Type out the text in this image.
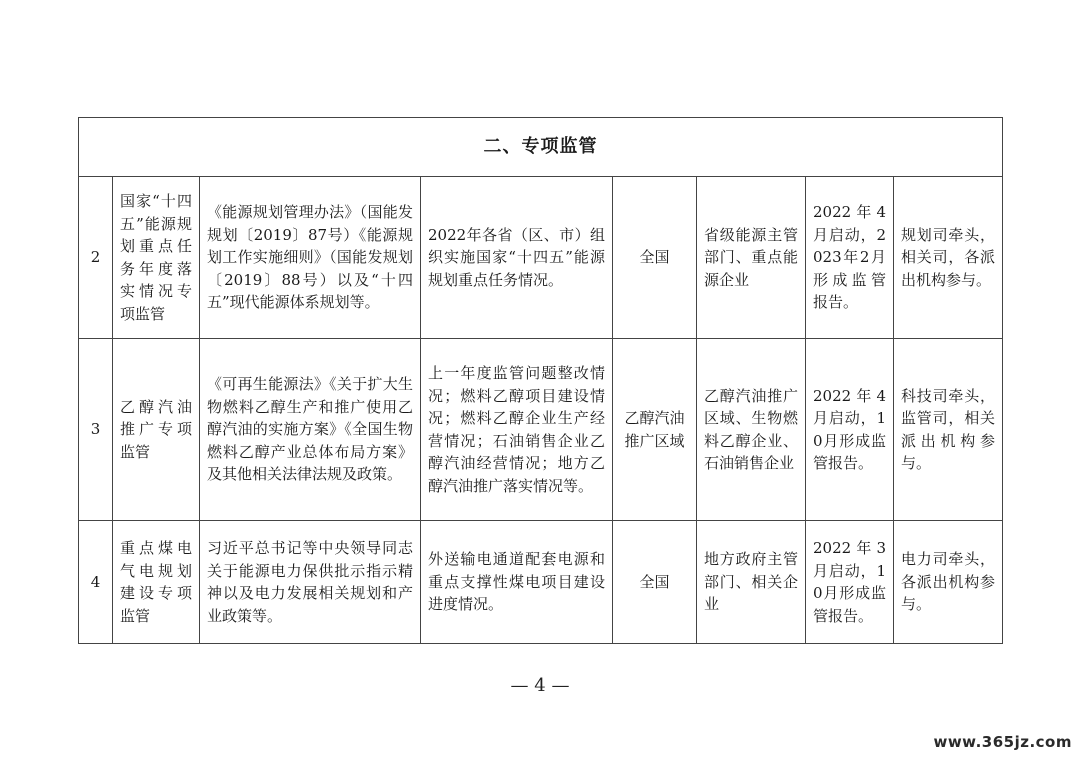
二、专项监管							
2	国家“十四五”能源规划重点任务年度落实情况专项监管	《能源规划管理办法》（国能发规划〔2019〕87号）《能源规划工作实施细则》（国能发规划〔2019〕88号）以及“十四五”现代能源体系规划等。	2022年各省（区、市）组织实施国家“十四五”能源规划重点任务情况。	全国	省级能源主管部门、重点能源企业	2022年4月启动，2023年2月形成监管报告。	规划司牵头，相关司，各派出机构参与。
3	乙醇汽油推广专项监管	《可再生能源法》《关于扩大生物燃料乙醇生产和推广使用乙醇汽油的实施方案》《全国生物燃料乙醇产业总体布局方案》及其他相关法律法规及政策。	上一年度监管问题整改情况；燃料乙醇项目建设情况；燃料乙醇企业生产经营情况；石油销售企业乙醇汽油经营情况；地方乙醇汽油推广落实情况等。	乙醇汽油推广区域	乙醇汽油推广区域、生物燃料乙醇企业、石油销售企业	2022年4月启动，10月形成监管报告。	科技司牵头，监管司，相关派出机构参与。
4	重点煤电气电规划建设专项监管	习近平总书记等中央领导同志关于能源电力保供批示指示精神以及电力发展相关规划和产业政策等。	外送输电通道配套电源和重点支撑性煤电项目建设进度情况。	全国	地方政府主管部门、相关企业	2022年3月启动，10月形成监管报告。	电力司牵头，各派出机构参与。
— 4 —
www.365jz.com
